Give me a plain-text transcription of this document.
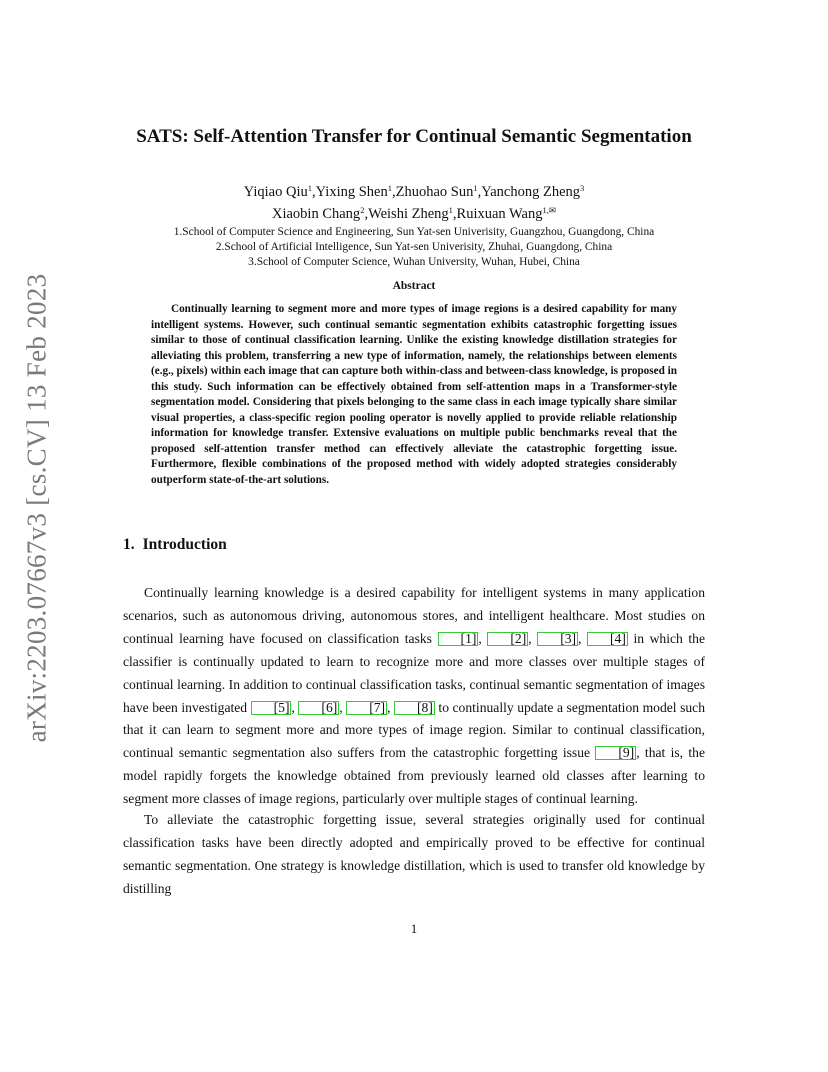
arXiv:2203.07667v3 [cs.CV] 13 Feb 2023
SATS: Self-Attention Transfer for Continual Semantic Segmentation
Yiqiao Qiu$^1$,Yixing Shen$^1$,Zhuohao Sun$^1$,Yanchong Zheng$^3$
Xiaobin Chang$^2$,Weishi Zheng$^1$,Ruixuan Wang$^{1,✉}$
1.School of Computer Science and Engineering, Sun Yat-sen Univerisity, Guangzhou, Guangdong, China
2.School of Artificial Intelligence, Sun Yat-sen Univerisity, Zhuhai, Guangdong, China
3.School of Computer Science, Wuhan University, Wuhan, Hubei, China
Abstract

Continually learning to segment more and more types of image regions is a desired capability for many intelligent systems. However, such continual semantic segmentation exhibits catastrophic forgetting issues similar to those of continual classification learning. Unlike the existing knowledge distillation strategies for alleviating this problem, transferring a new type of information, namely, the relationships between elements (e.g., pixels) within each image that can capture both within-class and between-class knowledge, is proposed in this study. Such information can be effectively obtained from self-attention maps in a Transformer-style segmentation model. Considering that pixels belonging to the same class in each image typically share similar visual properties, a class-specific region pooling operator is novelly applied to provide reliable relationship information for knowledge transfer. Extensive evaluations on multiple public benchmarks reveal that the proposed self-attention transfer method can effectively alleviate the catastrophic forgetting issue. Furthermore, flexible combinations of the proposed method with widely adopted strategies considerably outperform state-of-the-art solutions.

1. Introduction

Continually learning knowledge is a desired capability for intelligent systems in many application scenarios, such as autonomous driving, autonomous stores, and intelligent healthcare. Most studies on continual learning have focused on classification tasks [1] , [2] , [3] , [4] in which the classifier is continually updated to learn to recognize more and more classes over multiple stages of continual learning. In addition to continual classification tasks, continual semantic segmentation of images have been investigated [5] , [6] , [7] , [8] to continually update a segmentation model such that it can learn to segment more and more types of image region. Similar to continual classification, continual semantic segmentation also suffers from the catastrophic forgetting issue [9] , that is, the model rapidly forgets the knowledge obtained from previously learned old classes after learning to segment more classes of image regions, particularly over multiple stages of continual learning.

To alleviate the catastrophic forgetting issue, several strategies originally used for continual classification tasks have been directly adopted and empirically proved to be effective for continual semantic segmentation. One strategy is knowledge distillation, which is used to transfer old knowledge by distilling

1
